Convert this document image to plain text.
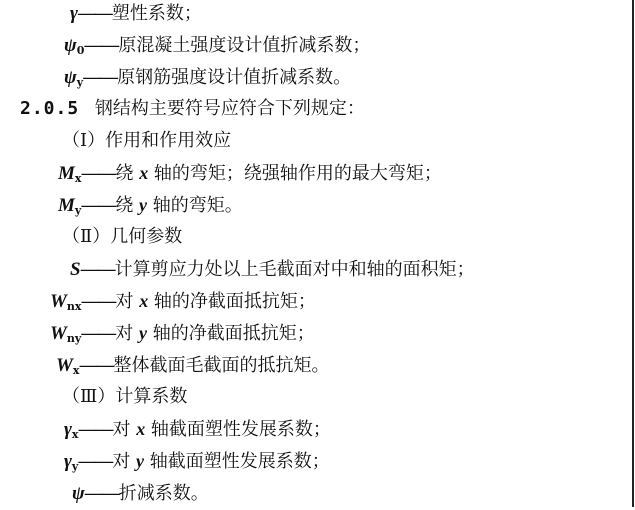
γ——塑性系数；
$\psi_0——$原混凝土强度设计值折减系数；
$\psi_y——$原钢筋强度设计值折减系数。
2.0.5 钢结构主要符号应符合下列规定：
（Ⅰ）作用和作用效应
$M_x——$绕 x 轴的弯矩；绕强轴作用的最大弯矩；
$M_y——$绕 y 轴的弯矩。
（Ⅱ）几何参数
S——计算剪应力处以上毛截面对中和轴的面积矩；
$W_{nx}——$对 x 轴的净截面抵抗矩；
$W_{ny}——$对 y 轴的净截面抵抗矩；
$W_x——$整体截面毛截面的抵抗矩。
（Ⅲ）计算系数
$\gamma_x——$对 x 轴截面塑性发展系数；
$\gamma_y——$对 y 轴截面塑性发展系数；
ψ——折减系数。
